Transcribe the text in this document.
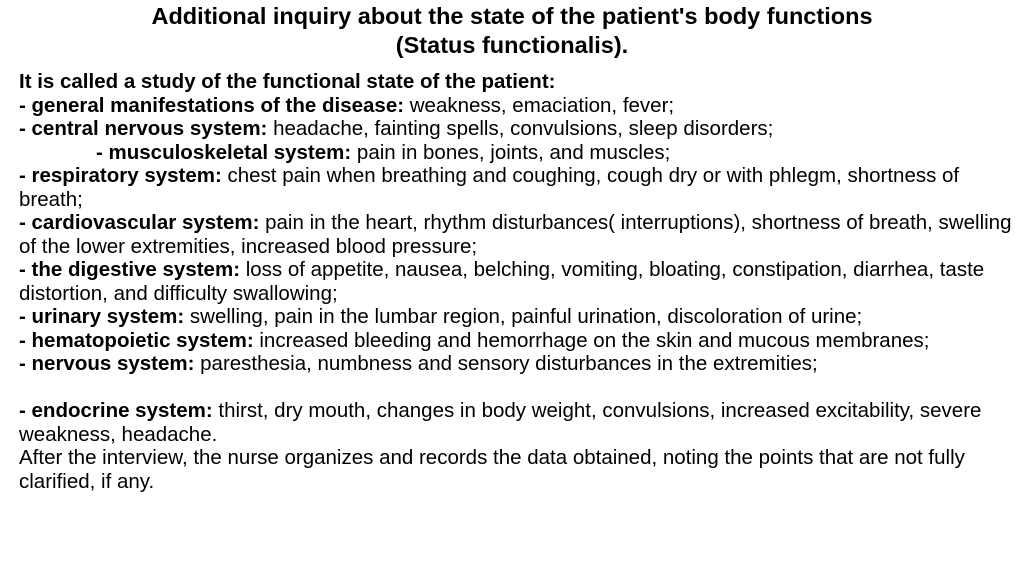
Additional inquiry about the state of the patient's body functions
(Status functionalis).
It is called a study of the functional state of the patient:
- general manifestations of the disease: weakness, emaciation, fever;
- central nervous system: headache, fainting spells, convulsions, sleep disorders;
- musculoskeletal system: pain in bones, joints, and muscles;
- respiratory system: chest pain when breathing and coughing, cough dry or with phlegm, shortness of breath;
- cardiovascular system: pain in the heart, rhythm disturbances( interruptions), shortness of breath, swelling of the lower extremities, increased blood pressure;
- the digestive system: loss of appetite, nausea, belching, vomiting, bloating, constipation, diarrhea, taste distortion, and difficulty swallowing;
- urinary system: swelling, pain in the lumbar region, painful urination, discoloration of urine;
- hematopoietic system: increased bleeding and hemorrhage on the skin and mucous membranes;
- nervous system: paresthesia, numbness and sensory disturbances in the extremities;
- endocrine system: thirst, dry mouth, changes in body weight, convulsions, increased excitability, severe weakness, headache.
After the interview, the nurse organizes and records the data obtained, noting the points that are not fully clarified, if any.
